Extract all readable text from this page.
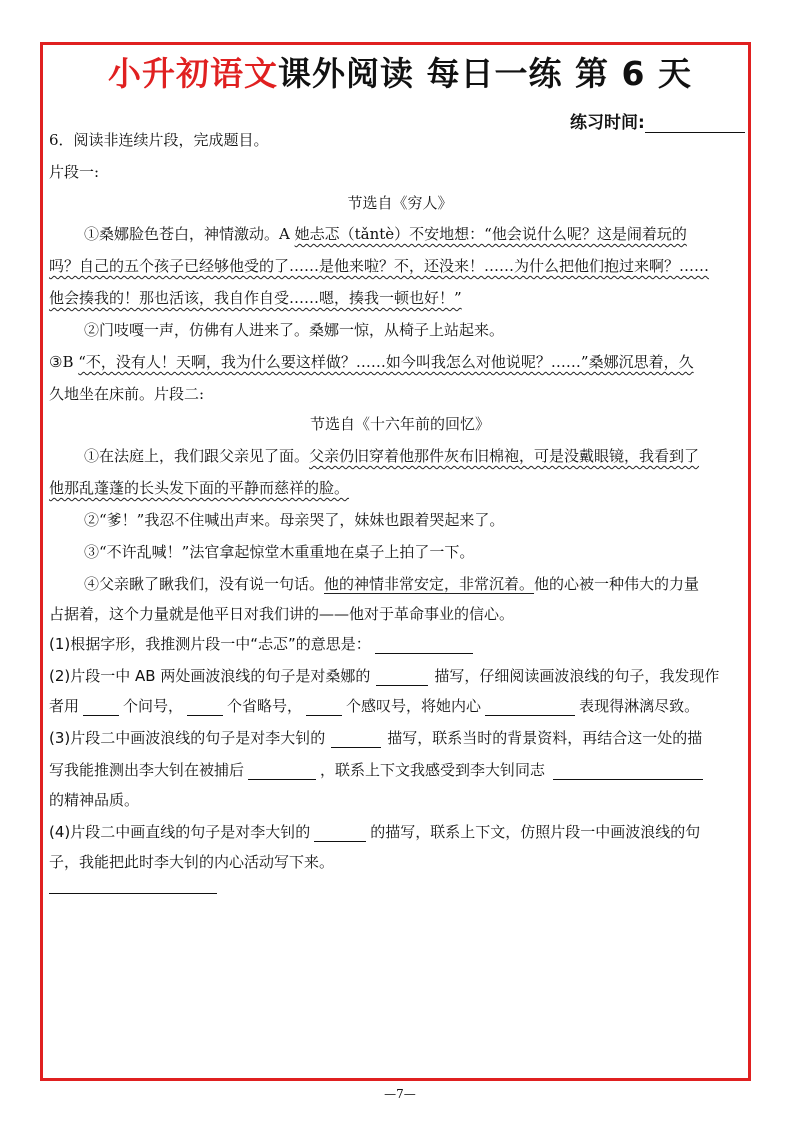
小升初语文课外阅读 每日一练 第 6 天
练习时间:
6．阅读非连续片段，完成题目。
片段一:
节选自《穷人》
①桑娜脸色苍白，神情激动。A 她忐忑（tǎntè）不安地想：“他会说什么呢？这是闹着玩的
吗？自己的五个孩子已经够他受的了……是他来啦？不，还没来！……为什么把他们抱过来啊？……
他会揍我的！那也活该，我自作自受……嗯，揍我一顿也好！”
②门吱嘎一声，仿佛有人进来了。桑娜一惊，从椅子上站起来。
③B “不，没有人！天啊，我为什么要这样做？……如今叫我怎么对他说呢？……”桑娜沉思着，久
久地坐在床前。片段二:
节选自《十六年前的回忆》
①在法庭上，我们跟父亲见了面。父亲仍旧穿着他那件灰布旧棉袍，可是没戴眼镜，我看到了
他那乱蓬蓬的长头发下面的平静而慈祥的脸。
②“爹！”我忍不住喊出声来。母亲哭了，妹妹也跟着哭起来了。
③“不许乱喊！”法官拿起惊堂木重重地在桌子上拍了一下。
④父亲瞅了瞅我们，没有说一句话。他的神情非常安定，非常沉着。他的心被一种伟大的力量
占据着，这个力量就是他平日对我们讲的——他对于革命事业的信心。
(1)根据字形，我推测片段一中“忐忑”的意思是：
(2)片段一中 AB 两处画波浪线的句子是对桑娜的	描写，仔细阅读画波浪线的句子，我发现作
者用	个问号，	个省略号，	个感叹号，将她内心	表现得淋漓尽致。
(3)片段二中画波浪线的句子是对李大钊的	描写，联系当时的背景资料，再结合这一处的描
写我能推测出李大钊在被捕后	，联系上下文我感受到李大钊同志
的精神品质。
(4)片段二中画直线的句子是对李大钊的	的描写，联系上下文，仿照片段一中画波浪线的句
子，我能把此时李大钊的内心活动写下来。
—7—
